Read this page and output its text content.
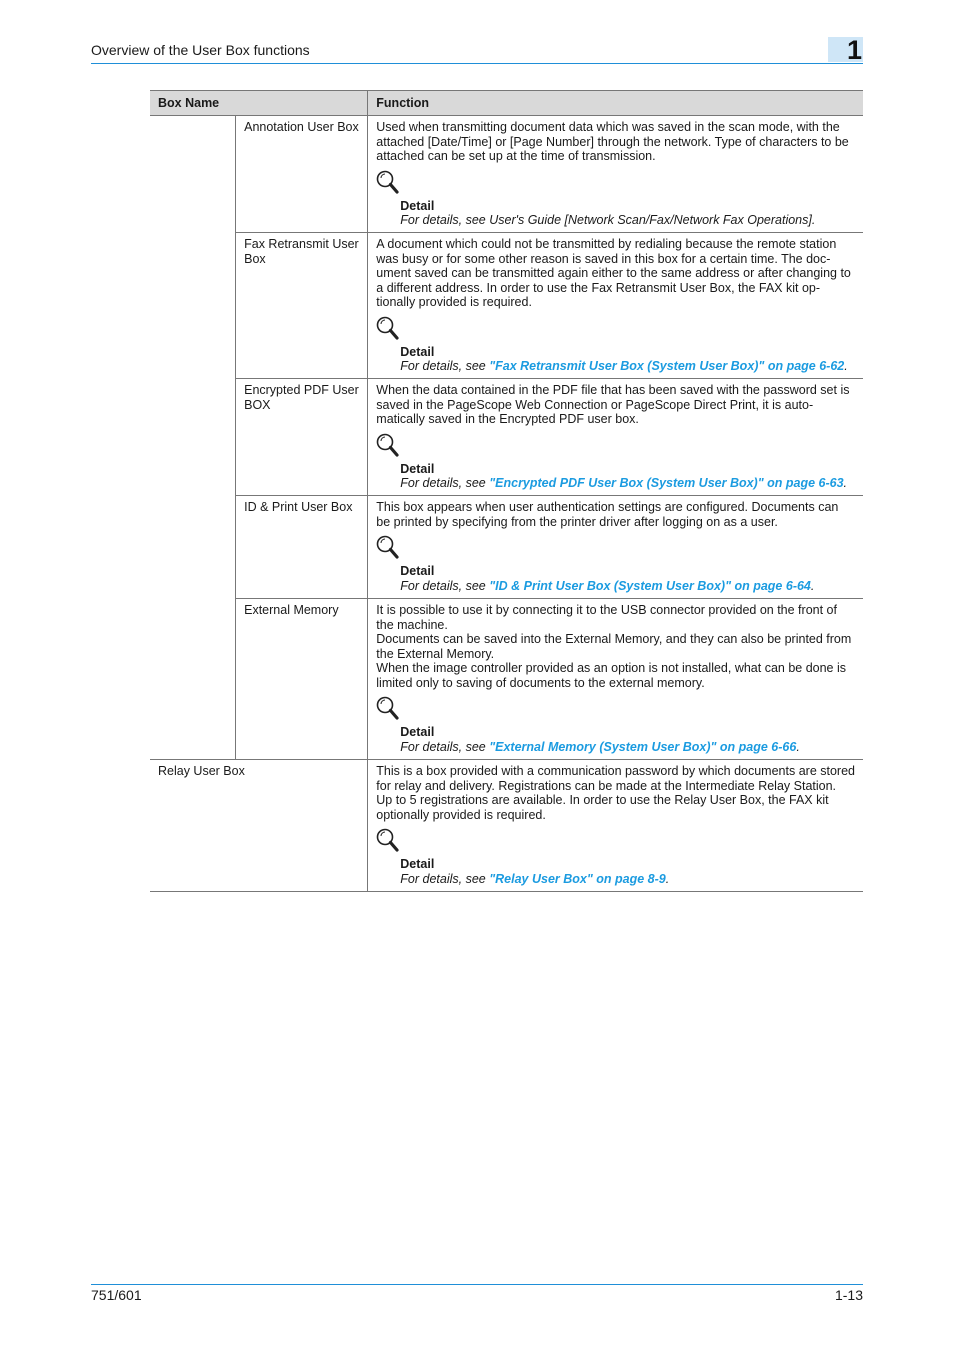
Overview of the User Box functions	1
Box Name		Function
	Annotation User Box	Used when transmitting document data which was saved in the scan mode, with the attached [Date/Time] or [Page Number] through the network. Type of characters to be attached can be set up at the time of transmission.

Detail
For details, see User's Guide [Network Scan/Fax/Network Fax Operations].

	Fax Retransmit User Box	A document which could not be transmitted by redialing because the remote station was busy or for some other reason is saved in this box for a certain time. The doc-ument saved can be transmitted again either to the same address or after changing to a different address. In order to use the Fax Retransmit User Box, the FAX kit op-tionally provided is required.

Detail
For details, see "Fax Retransmit User Box (System User Box)" on page 6-62.

	Encrypted PDF User BOX	When the data contained in the PDF file that has been saved with the password set is saved in the PageScope Web Connection or PageScope Direct Print, it is auto-matically saved in the Encrypted PDF user box.

Detail
For details, see "Encrypted PDF User Box (System User Box)" on page 6-63.

	ID & Print User Box	This box appears when user authentication settings are configured. Documents can be printed by specifying from the printer driver after logging on as a user.

Detail
For details, see "ID & Print User Box (System User Box)" on page 6-64.

	External Memory	It is possible to use it by connecting it to the USB connector provided on the front of the machine.

Documents can be saved into the External Memory, and they can also be printed from the External Memory.

When the image controller provided as an option is not installed, what can be done is limited only to saving of documents to the external memory.

Detail
For details, see "External Memory (System User Box)" on page 6-66.

Relay User Box		This is a box provided with a communication password by which documents are stored for relay and delivery. Registrations can be made at the Intermediate Relay Station. Up to 5 registrations are available. In order to use the Relay User Box, the FAX kit optionally provided is required.

Detail
For details, see "Relay User Box" on page 8-9.
751/601	1-13
